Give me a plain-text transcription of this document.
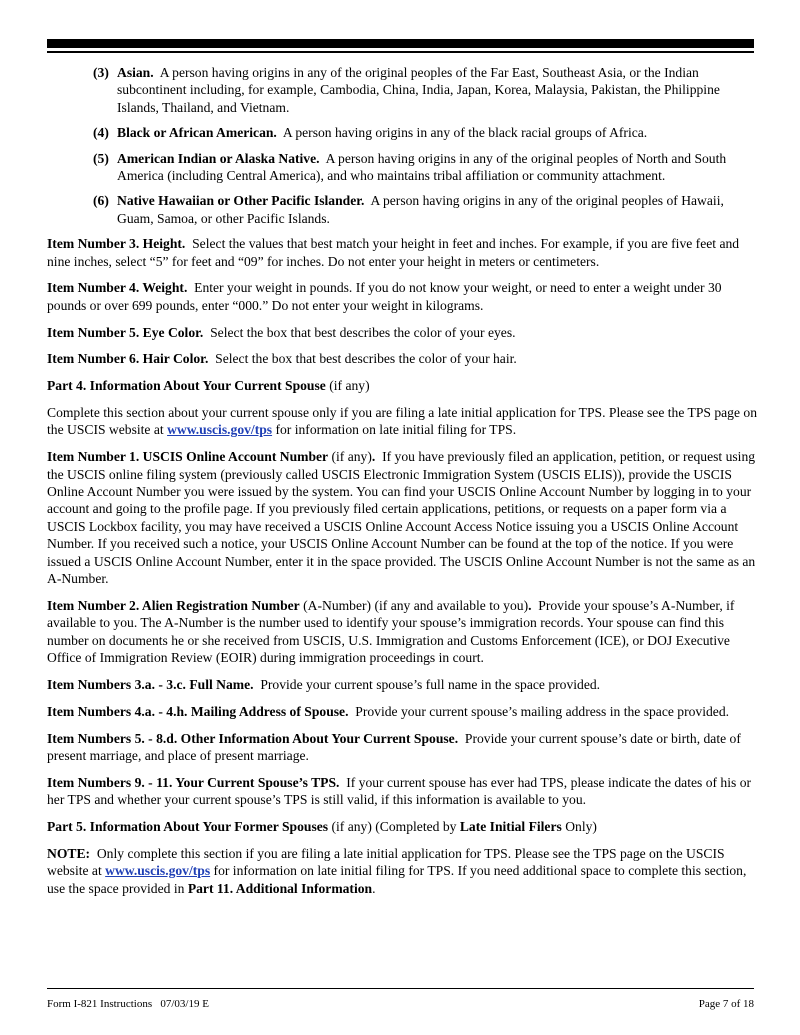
(3) Asian. A person having origins in any of the original peoples of the Far East, Southeast Asia, or the Indian subcontinent including, for example, Cambodia, China, India, Japan, Korea, Malaysia, Pakistan, the Philippine Islands, Thailand, and Vietnam.
(4) Black or African American. A person having origins in any of the black racial groups of Africa.
(5) American Indian or Alaska Native. A person having origins in any of the original peoples of North and South America (including Central America), and who maintains tribal affiliation or community attachment.
(6) Native Hawaiian or Other Pacific Islander. A person having origins in any of the original peoples of Hawaii, Guam, Samoa, or other Pacific Islands.

Item Number 3. Height. Select the values that best match your height in feet and inches. For example, if you are five feet and nine inches, select “5” for feet and “09” for inches. Do not enter your height in meters or centimeters.

Item Number 4. Weight. Enter your weight in pounds. If you do not know your weight, or need to enter a weight under 30 pounds or over 699 pounds, enter “000.” Do not enter your weight in kilograms.

Item Number 5. Eye Color. Select the box that best describes the color of your eyes.

Item Number 6. Hair Color. Select the box that best describes the color of your hair.

Part 4. Information About Your Current Spouse (if any)

Complete this section about your current spouse only if you are filing a late initial application for TPS. Please see the TPS page on the USCIS website at www.uscis.gov/tps for information on late initial filing for TPS.

Item Number 1. USCIS Online Account Number (if any). If you have previously filed an application, petition, or request using the USCIS online filing system (previously called USCIS Electronic Immigration System (USCIS ELIS)), provide the USCIS Online Account Number you were issued by the system. You can find your USCIS Online Account Number by logging in to your account and going to the profile page. If you previously filed certain applications, petitions, or requests on a paper form via a USCIS Lockbox facility, you may have received a USCIS Online Account Access Notice issuing you a USCIS Online Account Number. If you received such a notice, your USCIS Online Account Number can be found at the top of the notice. If you were issued a USCIS Online Account Number, enter it in the space provided. The USCIS Online Account Number is not the same as an A-Number.

Item Number 2. Alien Registration Number (A-Number) (if any and available to you). Provide your spouse’s A-Number, if available to you. The A-Number is the number used to identify your spouse’s immigration records. Your spouse can find this number on documents he or she received from USCIS, U.S. Immigration and Customs Enforcement (ICE), or DOJ Executive Office of Immigration Review (EOIR) during immigration proceedings in court.

Item Numbers 3.a. - 3.c. Full Name. Provide your current spouse’s full name in the space provided.

Item Numbers 4.a. - 4.h. Mailing Address of Spouse. Provide your current spouse’s mailing address in the space provided.

Item Numbers 5. - 8.d. Other Information About Your Current Spouse. Provide your current spouse’s date or birth, date of present marriage, and place of present marriage.

Item Numbers 9. - 11. Your Current Spouse’s TPS. If your current spouse has ever had TPS, please indicate the dates of his or her TPS and whether your current spouse’s TPS is still valid, if this information is available to you.

Part 5. Information About Your Former Spouses (if any) (Completed by Late Initial Filers Only)

NOTE: Only complete this section if you are filing a late initial application for TPS. Please see the TPS page on the USCIS website at www.uscis.gov/tps for information on late initial filing for TPS. If you need additional space to complete this section, use the space provided in Part 11. Additional Information.

Form I-821 Instructions   07/03/19 E	Page 7 of 18
